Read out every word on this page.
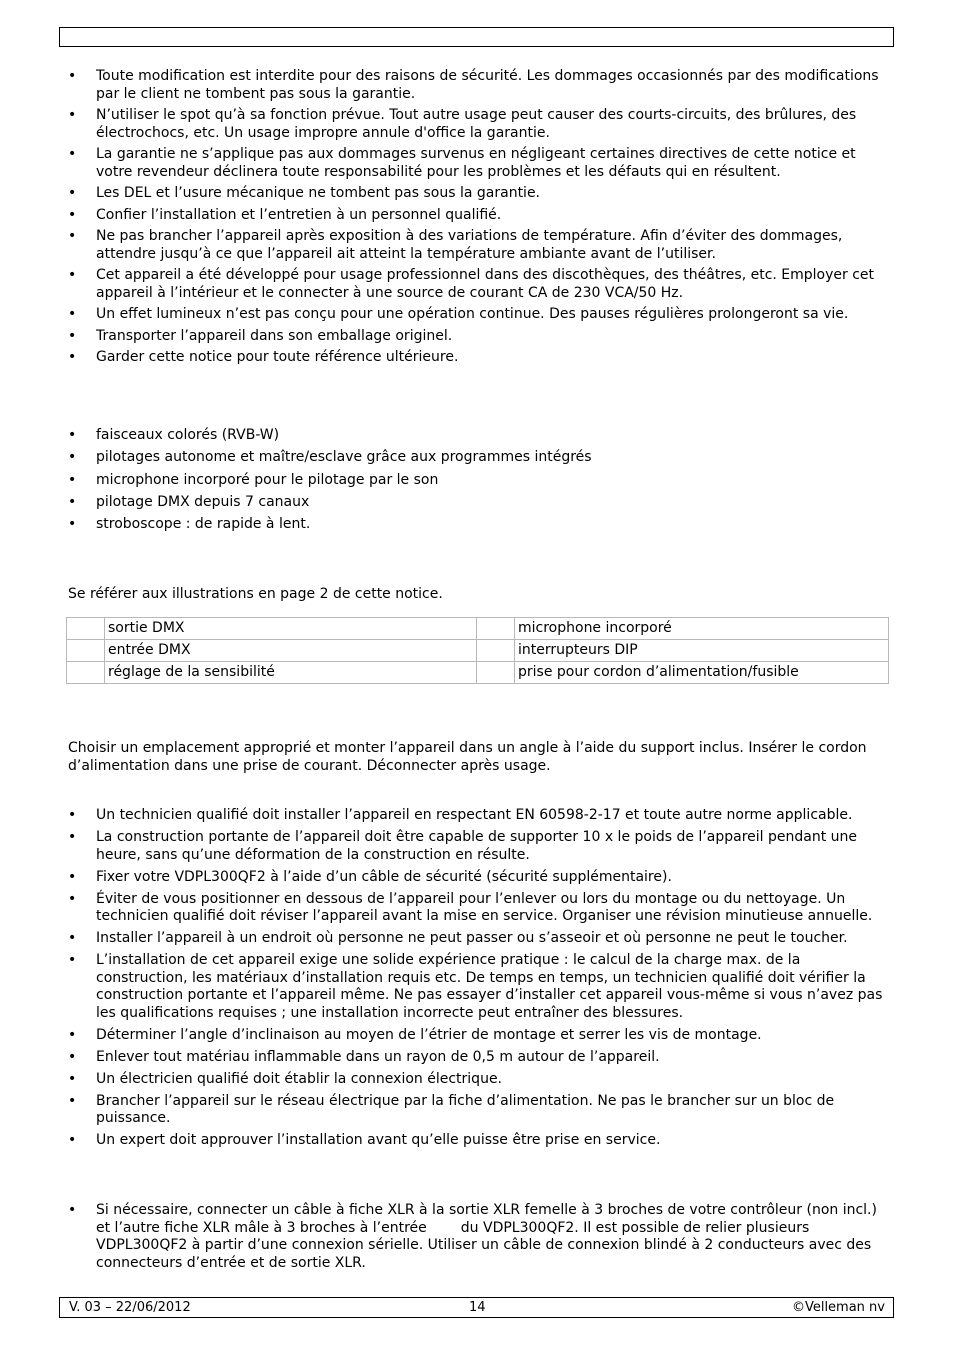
• Toute modification est interdite pour des raisons de sécurité. Les dommages occasionnés par des modifications par le client ne tombent pas sous la garantie.
• N’utiliser le spot qu’à sa fonction prévue. Tout autre usage peut causer des courts-circuits, des brûlures, des électrochocs, etc. Un usage impropre annule d'office la garantie.
• La garantie ne s’applique pas aux dommages survenus en négligeant certaines directives de cette notice et votre revendeur déclinera toute responsabilité pour les problèmes et les défauts qui en résultent.
• Les DEL et l’usure mécanique ne tombent pas sous la garantie.
• Confier l’installation et l’entretien à un personnel qualifié.
• Ne pas brancher l’appareil après exposition à des variations de température. Afin d’éviter des dommages, attendre jusqu’à ce que l’appareil ait atteint la température ambiante avant de l’utiliser.
• Cet appareil a été développé pour usage professionnel dans des discothèques, des théâtres, etc. Employer cet appareil à l’intérieur et le connecter à une source de courant CA de 230 VCA/50 Hz.
• Un effet lumineux n’est pas conçu pour une opération continue. Des pauses régulières prolongeront sa vie.
• Transporter l’appareil dans son emballage originel.
• Garder cette notice pour toute référence ultérieure.
• faisceaux colorés (RVB-W)
• pilotages autonome et maître/esclave grâce aux programmes intégrés
• microphone incorporé pour le pilotage par le son
• pilotage DMX depuis 7 canaux
• stroboscope : de rapide à lent.

Se référer aux illustrations en page 2 de cette notice.

	sortie DMX		microphone incorporé
	entrée DMX		interrupteurs DIP
	réglage de la sensibilité		prise pour cordon d’alimentation/fusible

Choisir un emplacement approprié et monter l’appareil dans un angle à l’aide du support inclus. Insérer le cordon d’alimentation dans une prise de courant. Déconnecter après usage.

• Un technicien qualifié doit installer l’appareil en respectant EN 60598-2-17 et toute autre norme applicable.
• La construction portante de l’appareil doit être capable de supporter 10 x le poids de l’appareil pendant une heure, sans qu’une déformation de la construction en résulte.
• Fixer votre VDPL300QF2 à l’aide d’un câble de sécurité (sécurité supplémentaire).
• Éviter de vous positionner en dessous de l’appareil pour l’enlever ou lors du montage ou du nettoyage. Un technicien qualifié doit réviser l’appareil avant la mise en service. Organiser une révision minutieuse annuelle.
• Installer l’appareil à un endroit où personne ne peut passer ou s’asseoir et où personne ne peut le toucher.
• L’installation de cet appareil exige une solide expérience pratique : le calcul de la charge max. de la construction, les matériaux d’installation requis etc. De temps en temps, un technicien qualifié doit vérifier la construction portante et l’appareil même. Ne pas essayer d’installer cet appareil vous-même si vous n’avez pas les qualifications requises ; une installation incorrecte peut entraîner des blessures.
• Déterminer l’angle d’inclinaison au moyen de l’étrier de montage et serrer les vis de montage.
• Enlever tout matériau inflammable dans un rayon de 0,5 m autour de l’appareil.
• Un électricien qualifié doit établir la connexion électrique.
• Brancher l’appareil sur le réseau électrique par la fiche d’alimentation. Ne pas le brancher sur un bloc de puissance.
• Un expert doit approuver l’installation avant qu’elle puisse être prise en service.
• Si nécessaire, connecter un câble à fiche XLR à la sortie XLR femelle à 3 broches de votre contrôleur (non incl.) et l’autre fiche XLR mâle à 3 broches à l’entrée du VDPL300QF2. Il est possible de relier plusieurs VDPL300QF2 à partir d’une connexion sérielle. Utiliser un câble de connexion blindé à 2 conducteurs avec des connecteurs d’entrée et de sortie XLR.
V. 03 – 22/06/2012	14	©Velleman nv
